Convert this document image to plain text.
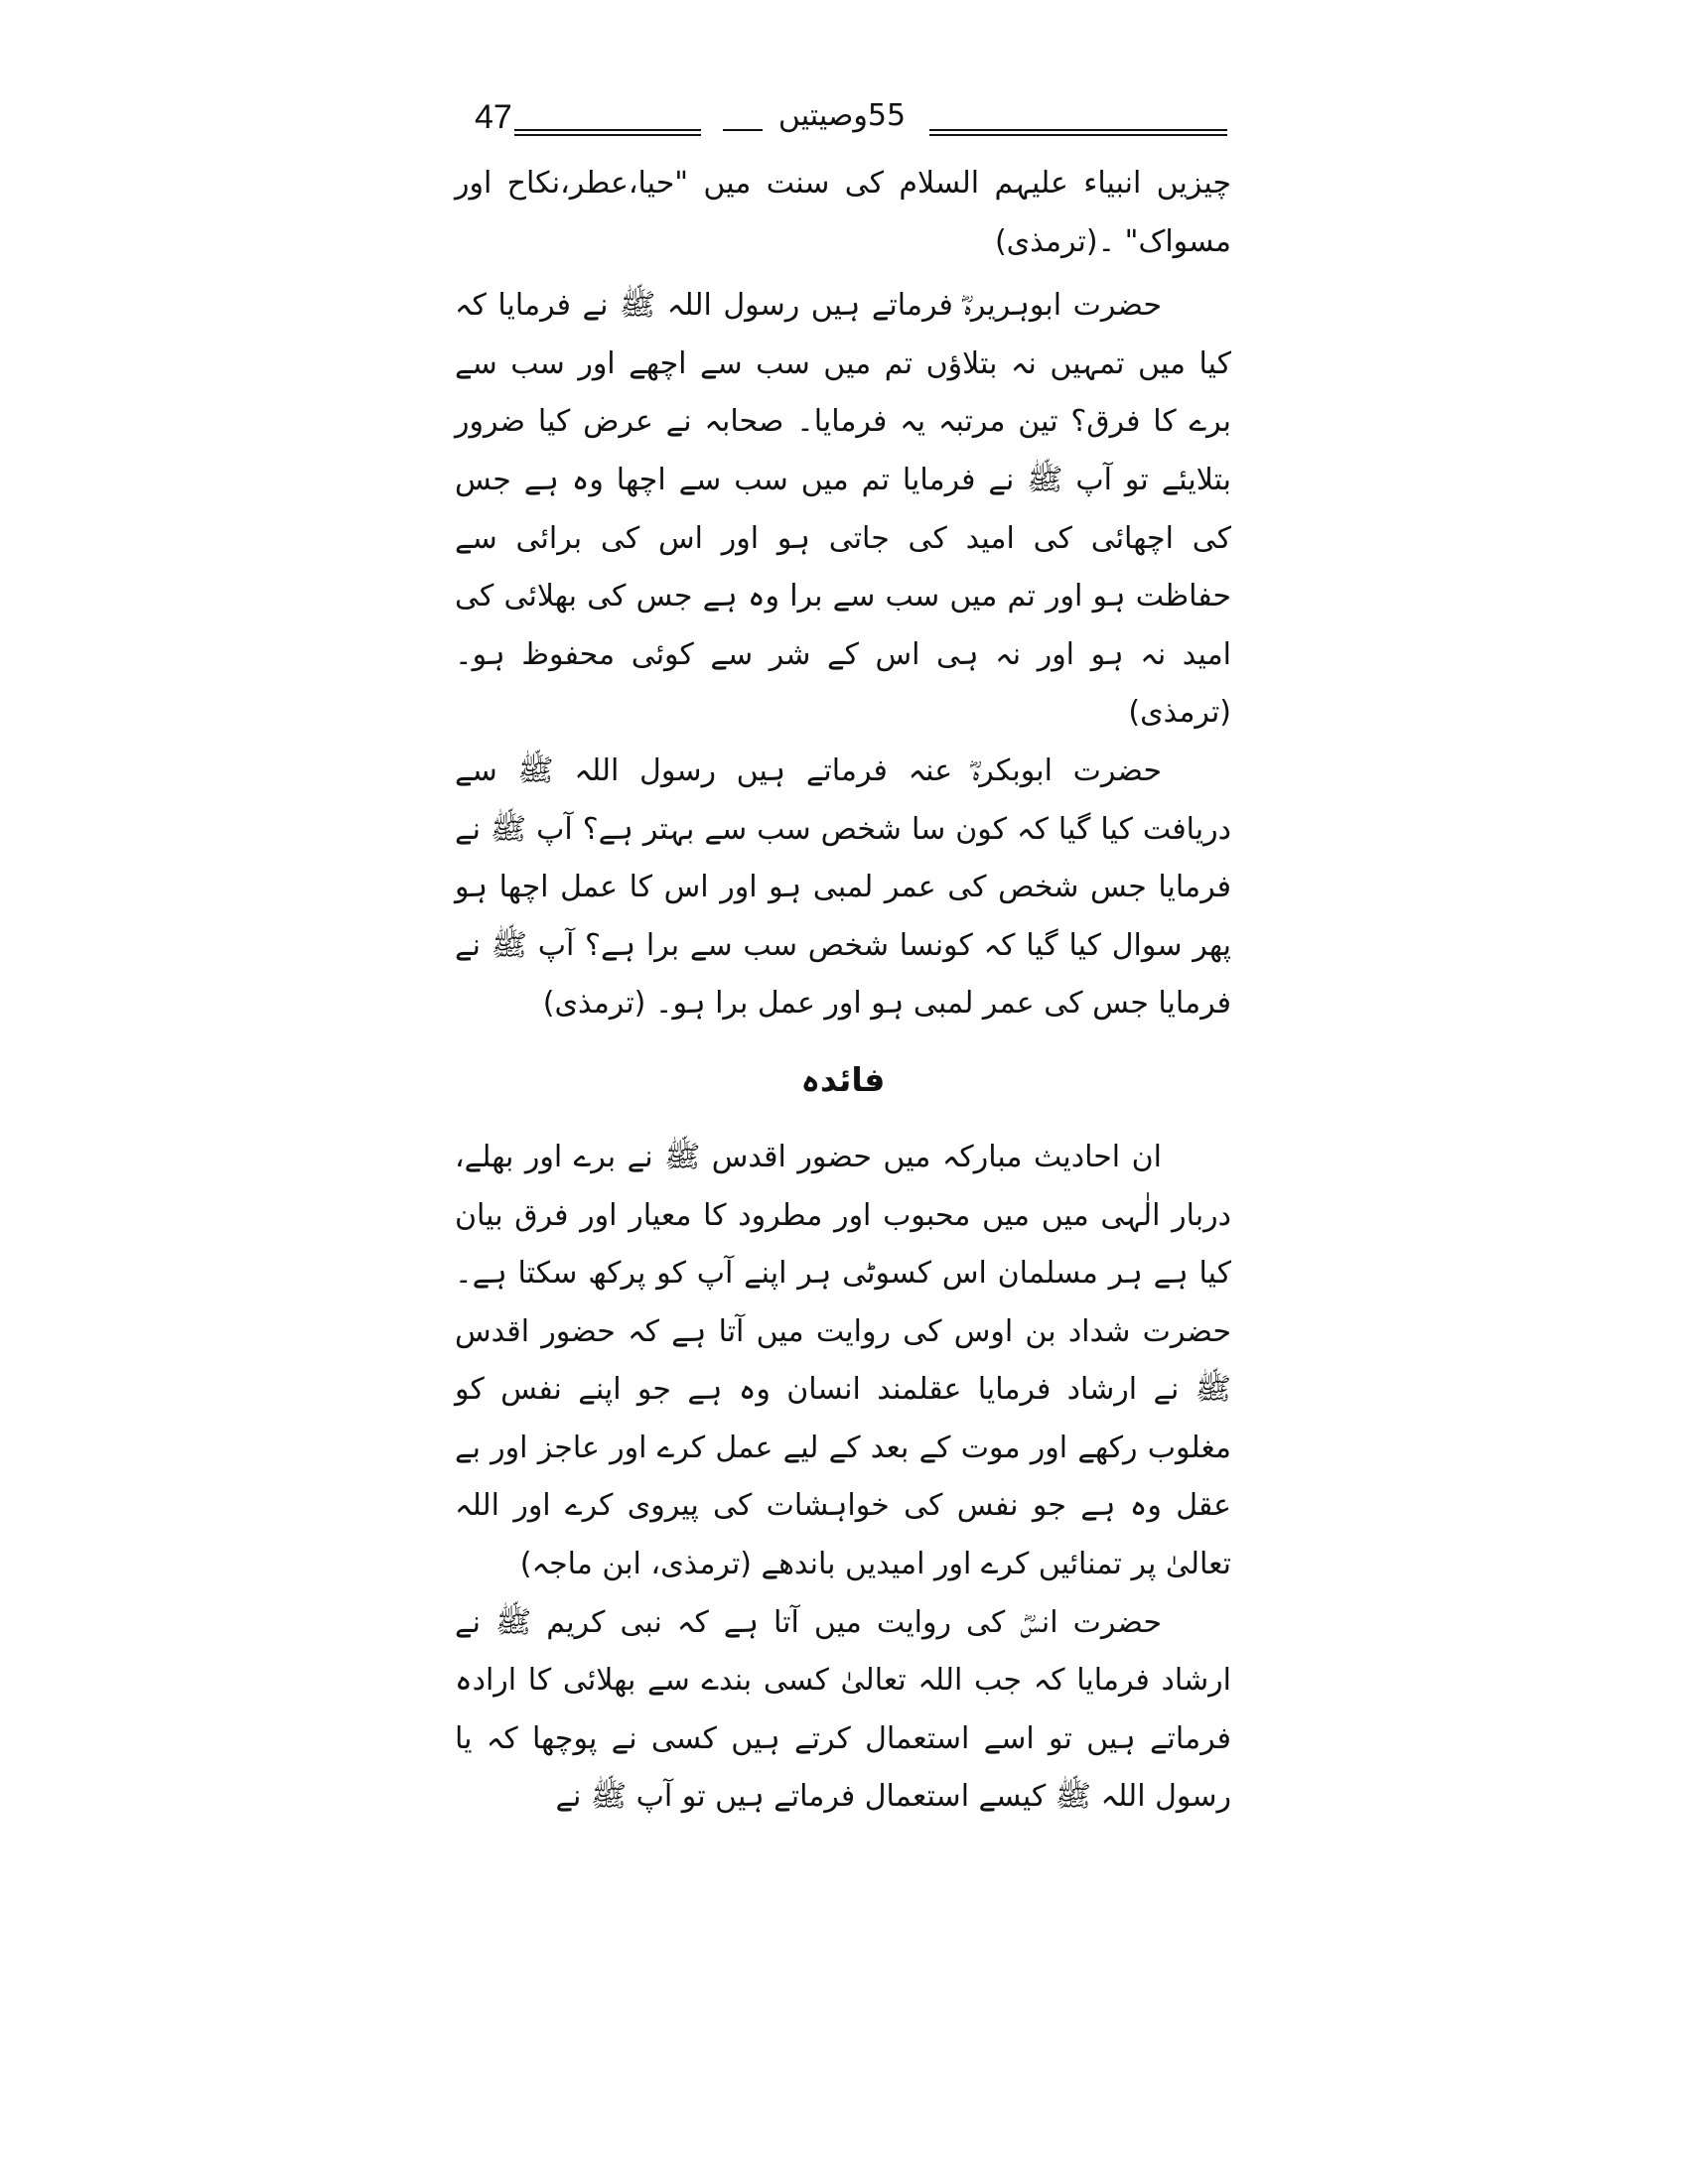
47	55وصیتیں

چیزیں انبیاء علیہم السلام کی سنت میں "حیا،عطر،نکاح اور مسواک" ۔(ترمذی)

حضرت ابوہریرہؓ فرماتے ہیں رسول اللہ ﷺ نے فرمایا کہ کیا میں تمہیں نہ بتلاؤں تم میں سب سے اچھے اور سب سے برے کا فرق؟ تین مرتبہ یہ فرمایا۔ صحابہ نے عرض کیا ضرور بتلایئے تو آپ ﷺ نے فرمایا تم میں سب سے اچھا وہ ہے جس کی اچھائی کی امید کی جاتی ہو اور اس کی برائی سے حفاظت ہو اور تم میں سب سے برا وہ ہے جس کی بھلائی کی امید نہ ہو اور نہ ہی اس کے شر سے کوئی محفوظ ہو۔ (ترمذی)

حضرت ابوبکرہؓ عنہ فرماتے ہیں رسول اللہ ﷺ سے دریافت کیا گیا کہ کون سا شخص سب سے بہتر ہے؟ آپ ﷺ نے فرمایا جس شخص کی عمر لمبی ہو اور اس کا عمل اچھا ہو پھر سوال کیا گیا کہ کونسا شخص سب سے برا ہے؟ آپ ﷺ نے فرمایا جس کی عمر لمبی ہو اور عمل برا ہو۔ (ترمذی)

فائدہ

ان احادیث مبارکہ میں حضور اقدس ﷺ نے برے اور بھلے، دربار الٰہی میں میں محبوب اور مطرود کا معیار اور فرق بیان کیا ہے ہر مسلمان اس کسوٹی ہر اپنے آپ کو پرکھ سکتا ہے۔ حضرت شداد بن اوس کی روایت میں آتا ہے کہ حضور اقدس ﷺ نے ارشاد فرمایا عقلمند انسان وہ ہے جو اپنے نفس کو مغلوب رکھے اور موت کے بعد کے لیے عمل کرے اور عاجز اور بے عقل وہ ہے جو نفس کی خواہشات کی پیروی کرے اور اللہ تعالیٰ پر تمنائیں کرے اور امیدیں باندھے (ترمذی، ابن ماجہ)

حضرت انسؓ کی روایت میں آتا ہے کہ نبی کریم ﷺ نے ارشاد فرمایا کہ جب اللہ تعالیٰ کسی بندے سے بھلائی کا ارادہ فرماتے ہیں تو اسے استعمال کرتے ہیں کسی نے پوچھا کہ یا رسول اللہ ﷺ کیسے استعمال فرماتے ہیں تو آپ ﷺ نے
